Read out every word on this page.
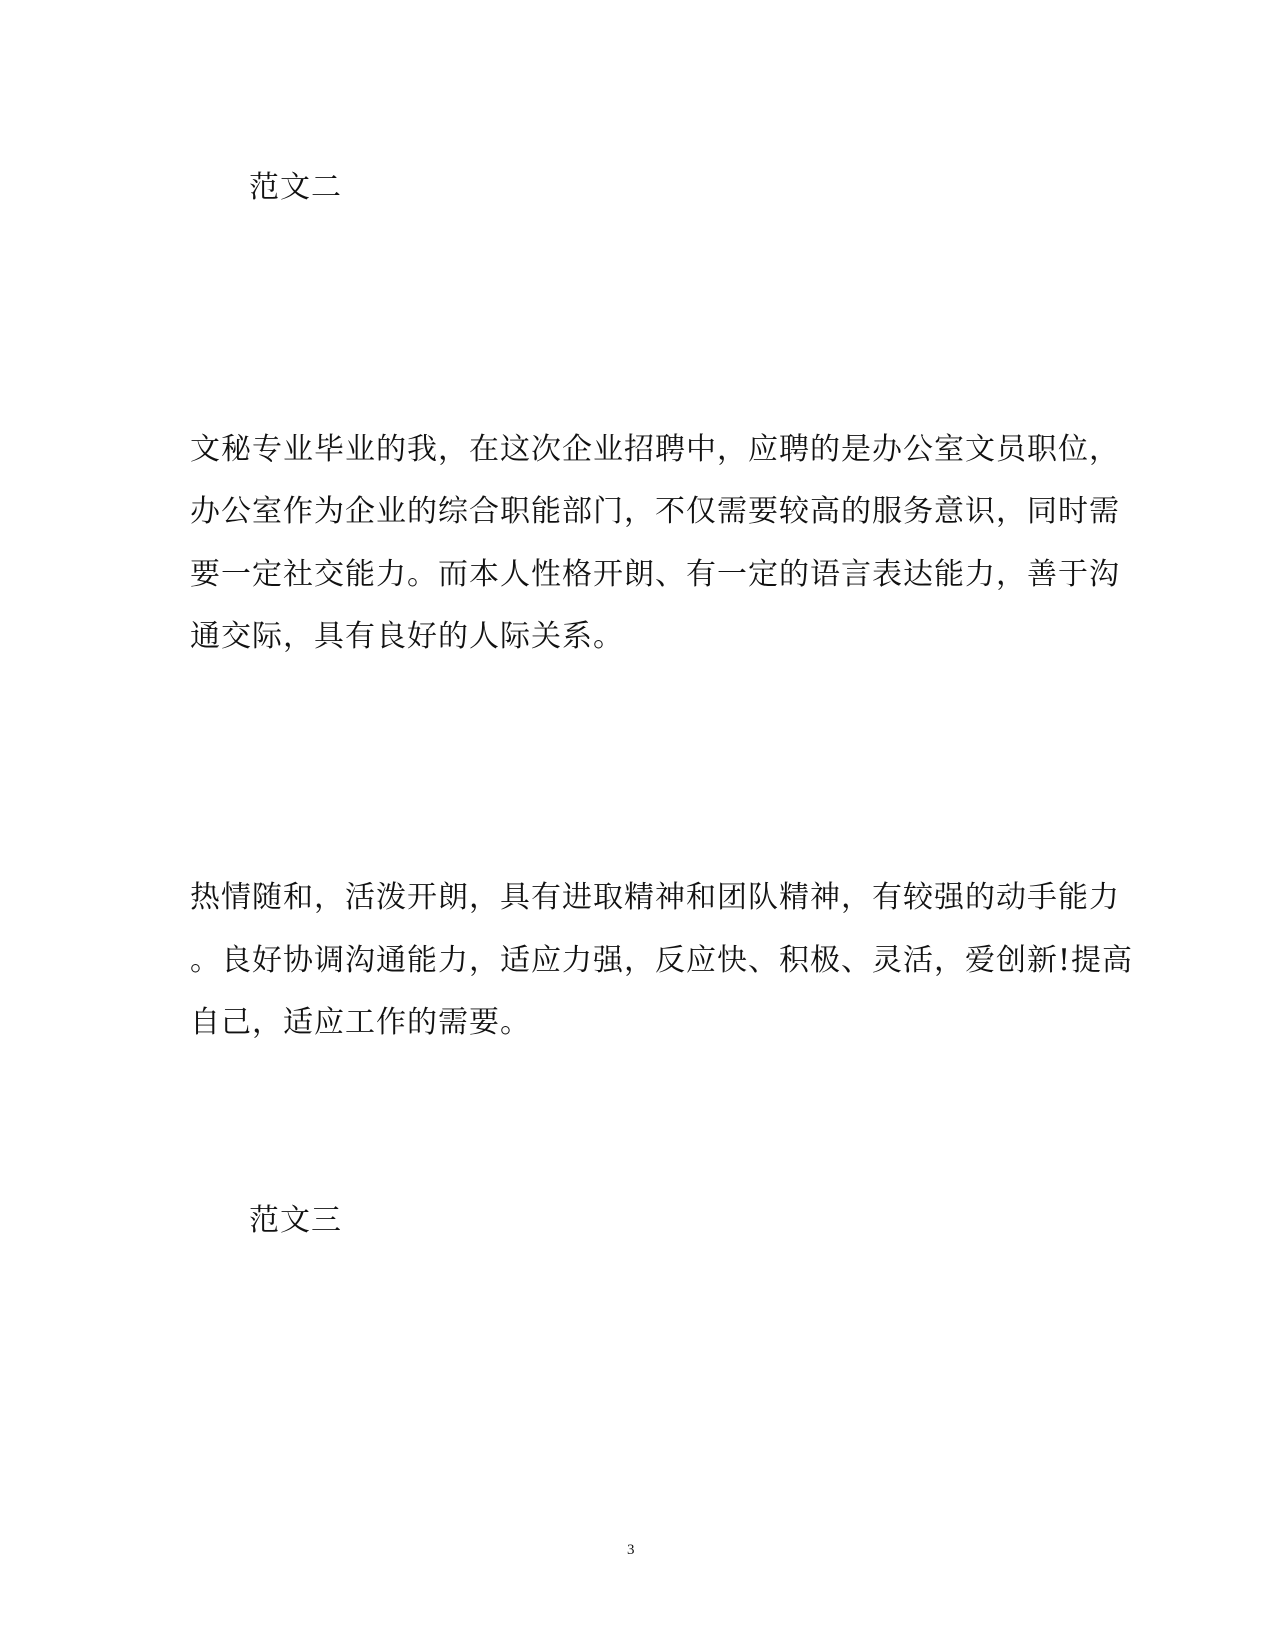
范文二
文秘专业毕业的我，在这次企业招聘中，应聘的是办公室文员职位，
办公室作为企业的综合职能部门，不仅需要较高的服务意识，同时需
要一定社交能力。而本人性格开朗、有一定的语言表达能力，善于沟
通交际，具有良好的人际关系。
热情随和，活泼开朗，具有进取精神和团队精神，有较强的动手能力
。良好协调沟通能力，适应力强，反应快、积极、灵活，爱创新!提高
自己，适应工作的需要。
范文三
3
